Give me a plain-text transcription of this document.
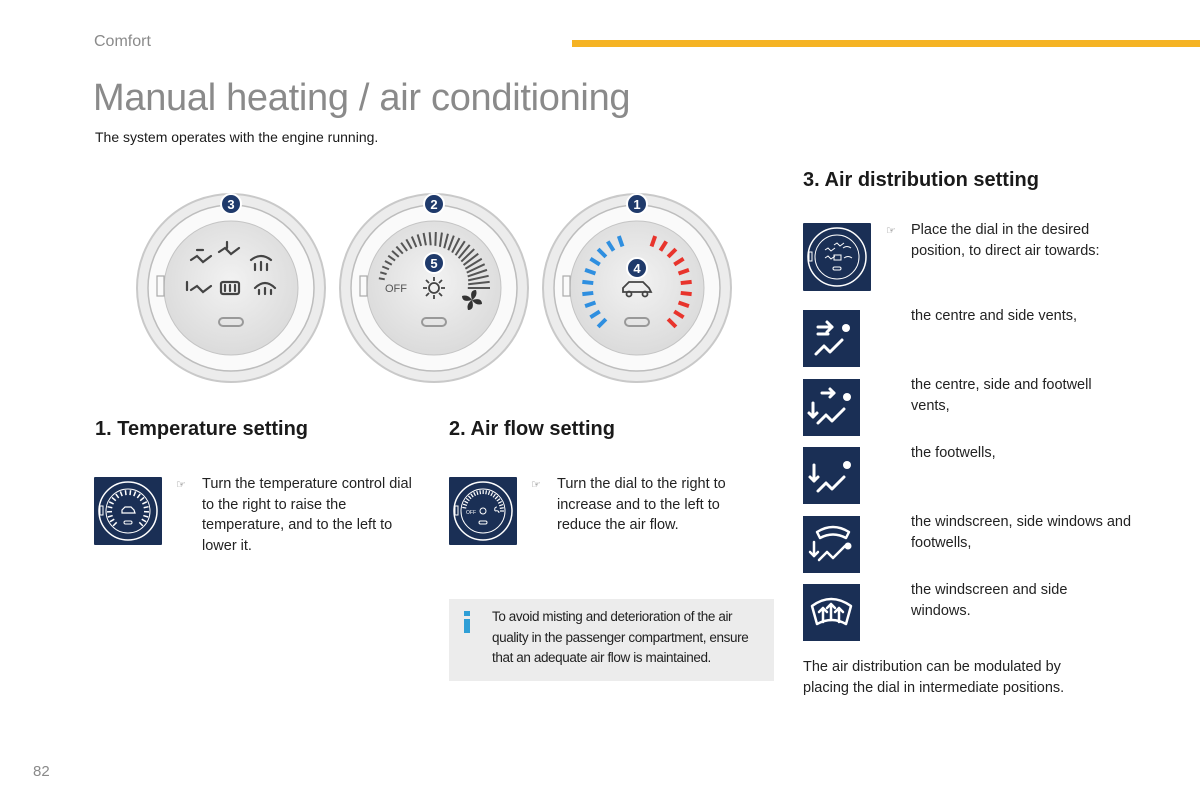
Comfort
Manual heating / air conditioning
The system operates with the engine running.
3
OFF
5
2
4
1
1. Temperature setting
☞ Turn the temperature control dial to the right to raise the temperature, and to the left to lower it.
2. Air flow setting
OFF
☞ Turn the dial to the right to increase and to the left to reduce the air flow.
To avoid misting and deterioration of the air quality in the passenger compartment, ensure that an adequate air flow is maintained.
3. Air distribution setting
☞ Place the dial in the desired position, to direct air towards:
the centre and side vents,
the centre, side and footwell vents,
the footwells,
the windscreen, side windows and footwells,
the windscreen and side windows.
The air distribution can be modulated by placing the dial in intermediate positions.
82
